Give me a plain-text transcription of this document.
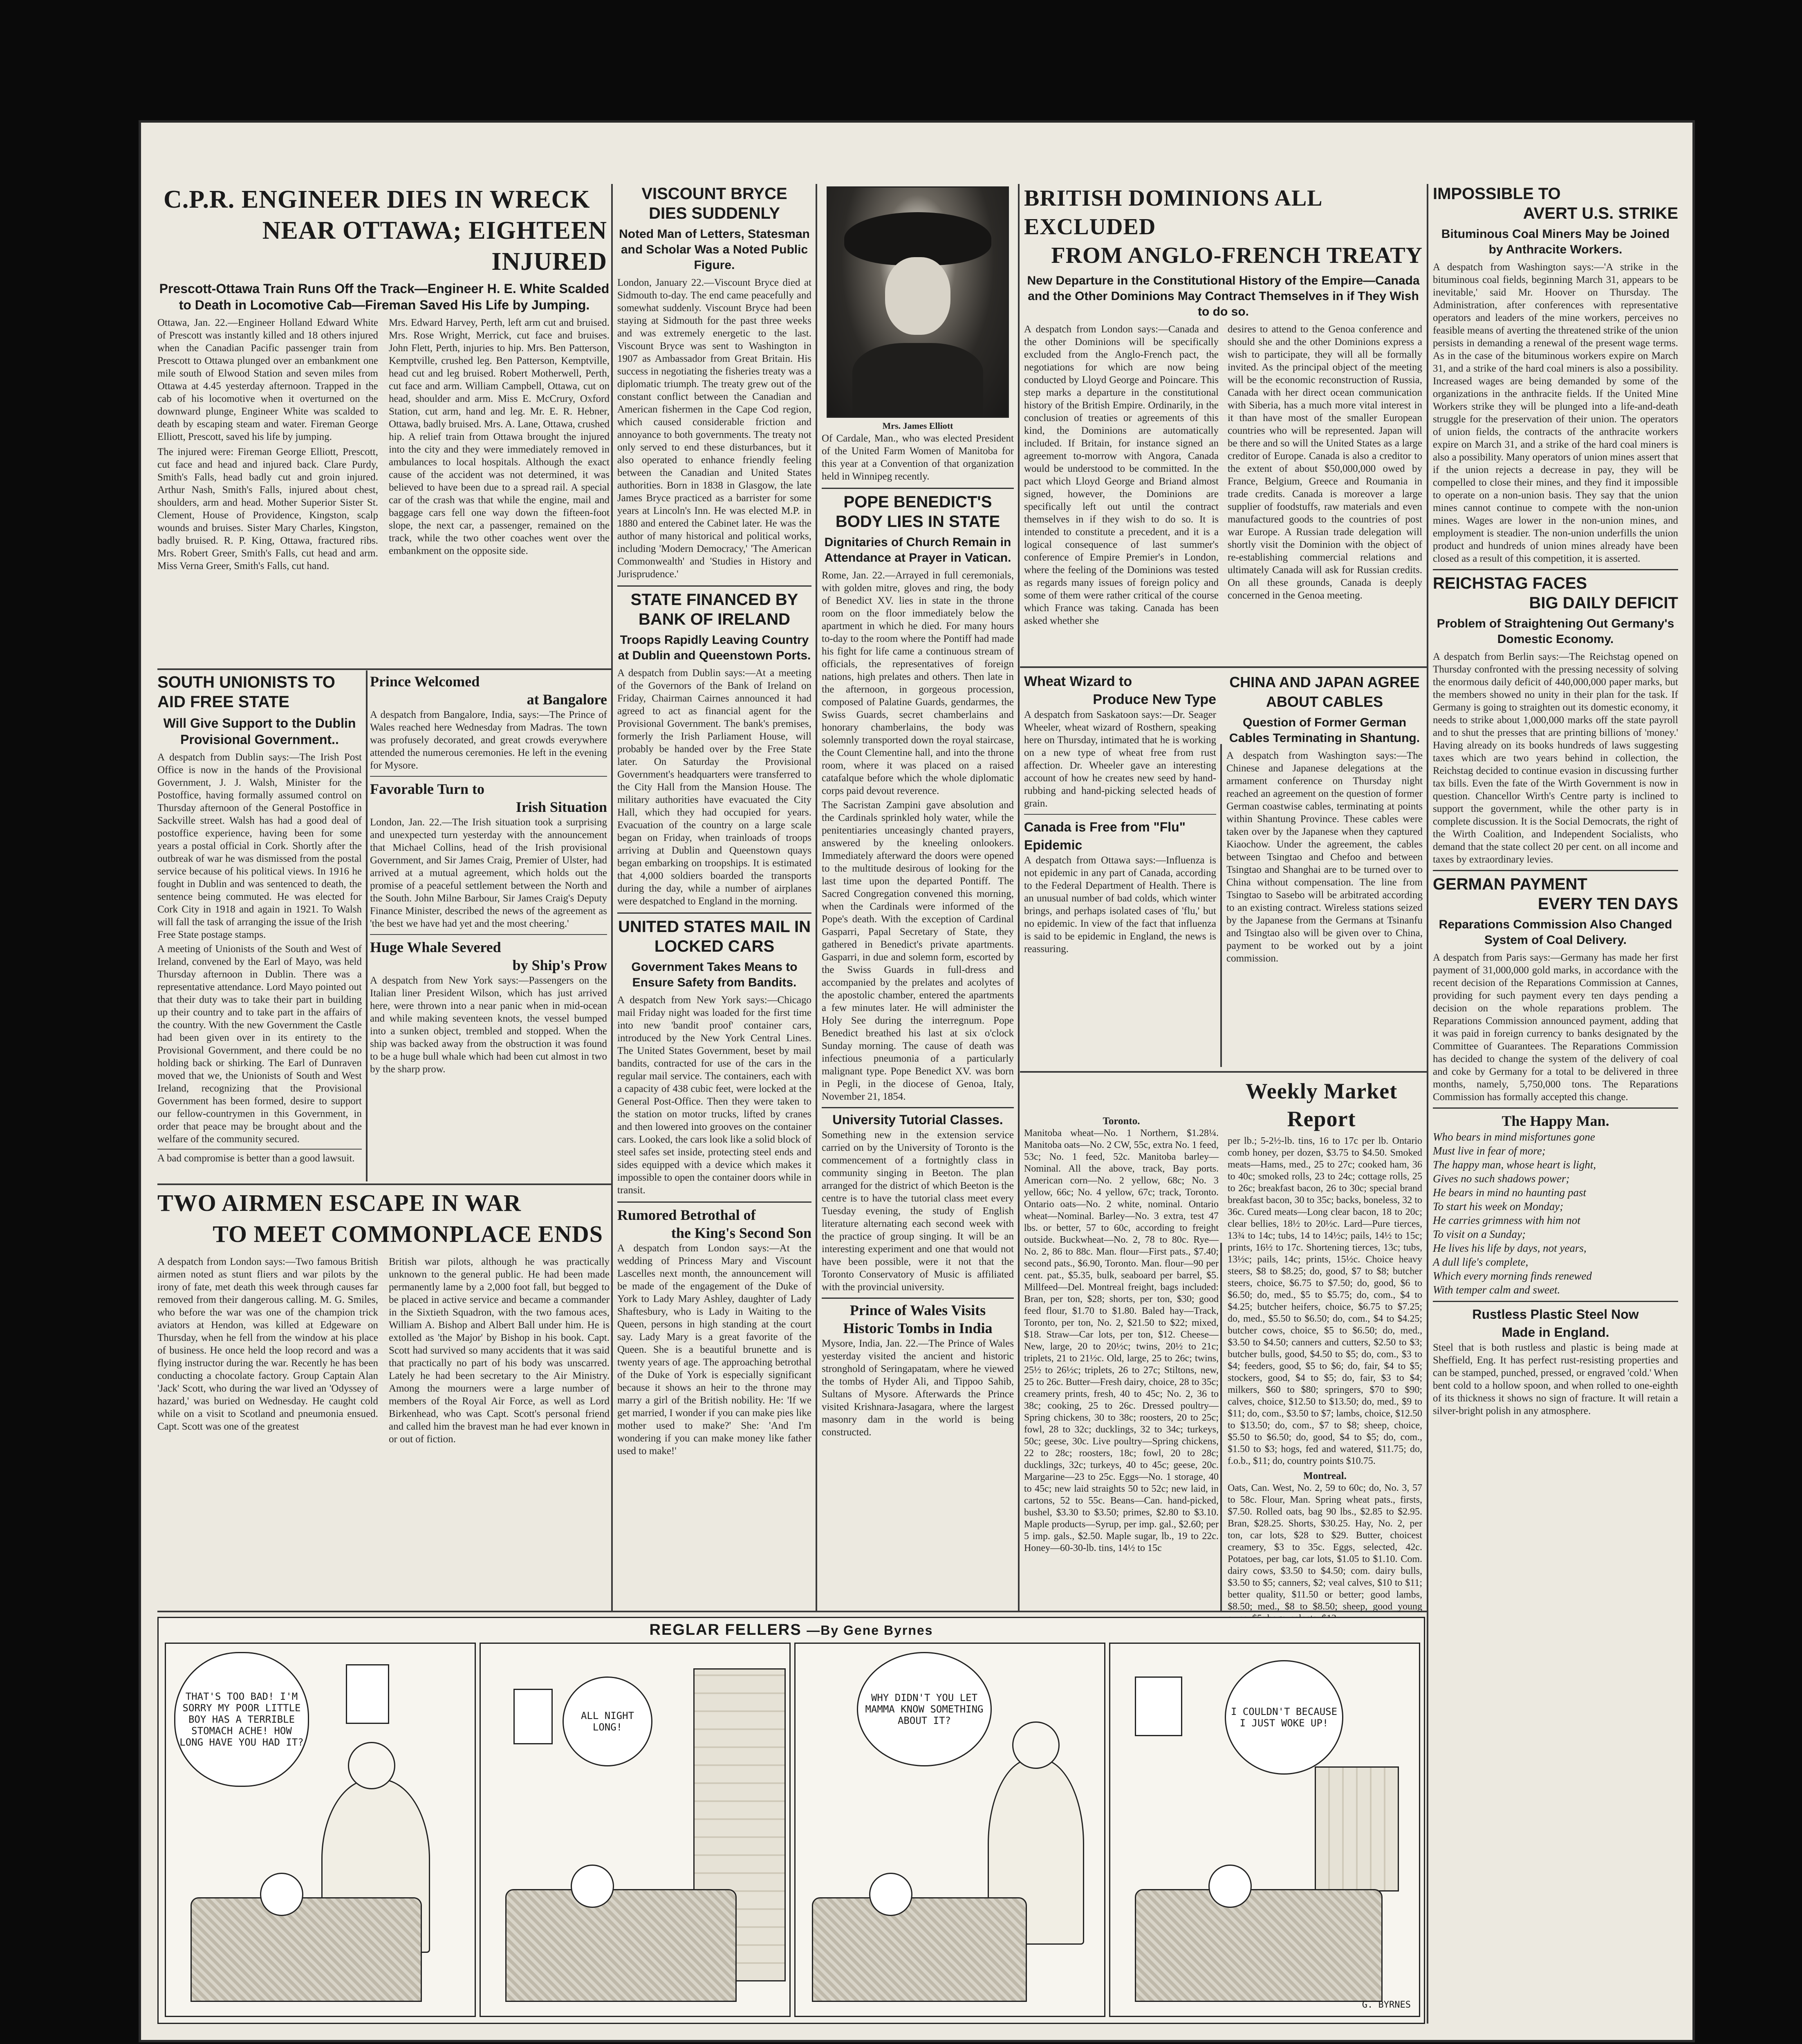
C.P.R. ENGINEER DIES IN WRECK
NEAR OTTAWA; EIGHTEEN INJURED

Prescott-Ottawa Train Runs Off the Track—Engineer H. E. White Scalded to Death in Locomotive Cab—Fireman Saved His Life by Jumping.

Ottawa, Jan. 22.—Engineer Holland Edward White of Prescott was instantly killed and 18 others injured when the Canadian Pacific passenger train from Prescott to Ottawa plunged over an embankment one mile south of Elwood Station and seven miles from Ottawa at 4.45 yesterday afternoon. Trapped in the cab of his locomotive when it overturned on the downward plunge, Engineer White was scalded to death by escaping steam and water. Fireman George Elliott, Prescott, saved his life by jumping.

The injured were: Fireman George Elliott, Prescott, cut face and head and injured back. Clare Purdy, Smith's Falls, head badly cut and groin injured. Arthur Nash, Smith's Falls, injured about chest, shoulders, arm and head. Mother Superior Sister St. Clement, House of Providence, Kingston, scalp wounds and bruises. Sister Mary Charles, Kingston, badly bruised. R. P. King, Ottawa, fractured ribs. Mrs. Robert Greer, Smith's Falls, cut head and arm. Miss Verna Greer, Smith's Falls, cut hand.

Mrs. Edward Harvey, Perth, left arm cut and bruised. Mrs. Rose Wright, Merrick, cut face and bruises. John Flett, Perth, injuries to hip. Mrs. Ben Patterson, Kemptville, crushed leg. Ben Patterson, Kemptville, head cut and leg bruised. Robert Motherwell, Perth, cut face and arm. William Campbell, Ottawa, cut on head, shoulder and arm. Miss E. McCrury, Oxford Station, cut arm, hand and leg. Mr. E. R. Hebner, Ottawa, badly bruised. Mrs. A. Lane, Ottawa, crushed hip. A relief train from Ottawa brought the injured into the city and they were immediately removed in ambulances to local hospitals. Although the exact cause of the accident was not determined, it was believed to have been due to a spread rail. A special car of the crash was that while the engine, mail and baggage cars fell one way down the fifteen-foot slope, the next car, a passenger, remained on the track, while the two other coaches went over the embankment on the opposite side.

SOUTH UNIONISTS TO AID FREE STATE

Will Give Support to the Dublin Provisional Government..

A despatch from Dublin says:—The Irish Post Office is now in the hands of the Provisional Government, J. J. Walsh, Minister for the Postoffice, having formally assumed control on Thursday afternoon of the General Postoffice in Sackville street. Walsh has had a good deal of postoffice experience, having been for some years a postal official in Cork. Shortly after the outbreak of war he was dismissed from the postal service because of his political views. In 1916 he fought in Dublin and was sentenced to death, the sentence being commuted. He was elected for Cork City in 1918 and again in 1921. To Walsh will fall the task of arranging the issue of the Irish Free State postage stamps.

A meeting of Unionists of the South and West of Ireland, convened by the Earl of Mayo, was held Thursday afternoon in Dublin. There was a representative attendance. Lord Mayo pointed out that their duty was to take their part in building up their country and to take part in the affairs of the country. With the new Government the Castle had been given over in its entirety to the Provisional Government, and there could be no holding back or shirking. The Earl of Dunraven moved that we, the Unionists of South and West Ireland, recognizing that the Provisional Government has been formed, desire to support our fellow-countrymen in this Government, in order that peace may be brought about and the welfare of the community secured.

A bad compromise is better than a good lawsuit.

Prince Welcomed
at Bangalore

A despatch from Bangalore, India, says:—The Prince of Wales reached here Wednesday from Madras. The town was profusely decorated, and great crowds everywhere attended the numerous ceremonies. He left in the evening for Mysore.

Favorable Turn to
Irish Situation

London, Jan. 22.—The Irish situation took a surprising and unexpected turn yesterday with the announcement that Michael Collins, head of the Irish provisional Government, and Sir James Craig, Premier of Ulster, had arrived at a mutual agreement, which holds out the promise of a peaceful settlement between the North and the South. John Milne Barbour, Sir James Craig's Deputy Finance Minister, described the news of the agreement as 'the best we have had yet and the most cheering.'

Huge Whale Severed
by Ship's Prow

A despatch from New York says:—Passengers on the Italian liner President Wilson, which has just arrived here, were thrown into a near panic when in mid-ocean and while making seventeen knots, the vessel bumped into a sunken object, trembled and stopped. When the ship was backed away from the obstruction it was found to be a huge bull whale which had been cut almost in two by the sharp prow.

TWO AIRMEN ESCAPE IN WAR
TO MEET COMMONPLACE ENDS

A despatch from London says:—Two famous British airmen noted as stunt fliers and war pilots by the irony of fate, met death this week through causes far removed from their dangerous calling. M. G. Smiles, who before the war was one of the champion trick aviators at Hendon, was killed at Edgeware on Thursday, when he fell from the window at his place of business. He once held the loop record and was a flying instructor during the war. Recently he has been conducting a chocolate factory. Group Captain Alan 'Jack' Scott, who during the war lived an 'Odyssey of hazard,' was buried on Wednesday. He caught cold while on a visit to Scotland and pneumonia ensued. Capt. Scott was one of the greatest

British war pilots, although he was practically unknown to the general public. He had been made permanently lame by a 2,000 foot fall, but begged to be placed in active service and became a commander in the Sixtieth Squadron, with the two famous aces, William A. Bishop and Albert Ball under him. He is extolled as 'the Major' by Bishop in his book. Capt. Scott had survived so many accidents that it was said that practically no part of his body was unscarred. Lately he had been secretary to the Air Ministry. Among the mourners were a large number of members of the Royal Air Force, as well as Lord Birkenhead, who was Capt. Scott's personal friend and called him the bravest man he had ever known in or out of fiction.

VISCOUNT BRYCE
DIES SUDDENLY

Noted Man of Letters, Statesman and Scholar Was a Noted Public Figure.

London, January 22.—Viscount Bryce died at Sidmouth to-day. The end came peacefully and somewhat suddenly. Viscount Bryce had been staying at Sidmouth for the past three weeks and was extremely energetic to the last. Viscount Bryce was sent to Washington in 1907 as Ambassador from Great Britain. His success in negotiating the fisheries treaty was a diplomatic triumph. The treaty grew out of the constant conflict between the Canadian and American fishermen in the Cape Cod region, which caused considerable friction and annoyance to both governments. The treaty not only served to end these disturbances, but it also operated to enhance friendly feeling between the Canadian and United States authorities. Born in 1838 in Glasgow, the late James Bryce practiced as a barrister for some years at Lincoln's Inn. He was elected M.P. in 1880 and entered the Cabinet later. He was the author of many historical and political works, including 'Modern Democracy,' 'The American Commonwealth' and 'Studies in History and Jurisprudence.'

STATE FINANCED BY BANK OF IRELAND

Troops Rapidly Leaving Country at Dublin and Queenstown Ports.

A despatch from Dublin says:—At a meeting of the Governors of the Bank of Ireland on Friday, Chairman Cairnes announced it had agreed to act as financial agent for the Provisional Government. The bank's premises, formerly the Irish Parliament House, will probably be handed over by the Free State later. On Saturday the Provisional Government's headquarters were transferred to the City Hall from the Mansion House. The military authorities have evacuated the City Hall, which they had occupied for years. Evacuation of the country on a large scale began on Friday, when trainloads of troops arriving at Dublin and Queenstown quays began embarking on troopships. It is estimated that 4,000 soldiers boarded the transports during the day, while a number of airplanes were despatched to England in the morning.

UNITED STATES MAIL IN LOCKED CARS

Government Takes Means to Ensure Safety from Bandits.

A despatch from New York says:—Chicago mail Friday night was loaded for the first time into new 'bandit proof' container cars, introduced by the New York Central Lines. The United States Government, beset by mail bandits, contracted for use of the cars in the regular mail service. The containers, each with a capacity of 438 cubic feet, were locked at the General Post-Office. Then they were taken to the station on motor trucks, lifted by cranes and then lowered into grooves on the container cars. Looked, the cars look like a solid block of steel safes set inside, protecting steel ends and sides equipped with a device which makes it impossible to open the container doors while in transit.

Rumored Betrothal of
the King's Second Son

A despatch from London says:—At the wedding of Princess Mary and Viscount Lascelles next month, the announcement will be made of the engagement of the Duke of York to Lady Mary Ashley, daughter of Lady Shaftesbury, who is Lady in Waiting to the Queen, persons in high standing at the court say. Lady Mary is a great favorite of the Queen. She is a beautiful brunette and is twenty years of age. The approaching betrothal of the Duke of York is especially significant because it shows an heir to the throne may marry a girl of the British nobility. He: 'If we get married, I wonder if you can make pies like mother used to make?' She: 'And I'm wondering if you can make money like father used to make!'

Mrs. James Elliott

Of Cardale, Man., who was elected President of the United Farm Women of Manitoba for this year at a Convention of that organization held in Winnipeg recently.

POPE BENEDICT'S BODY LIES IN STATE

Dignitaries of Church Remain in Attendance at Prayer in Vatican.

Rome, Jan. 22.—Arrayed in full ceremonials, with golden mitre, gloves and ring, the body of Benedict XV. lies in state in the throne room on the floor immediately below the apartment in which he died. For many hours to-day to the room where the Pontiff had made his fight for life came a continuous stream of officials, the representatives of foreign nations, high prelates and others. Then late in the afternoon, in gorgeous procession, composed of Palatine Guards, gendarmes, the Swiss Guards, secret chamberlains and honorary chamberlains, the body was solemnly transported down the royal staircase, the Count Clementine hall, and into the throne room, where it was placed on a raised catafalque before which the whole diplomatic corps paid devout reverence.

The Sacristan Zampini gave absolution and the Cardinals sprinkled holy water, while the penitentiaries unceasingly chanted prayers, answered by the kneeling onlookers. Immediately afterward the doors were opened to the multitude desirous of looking for the last time upon the departed Pontiff. The Sacred Congregation convened this morning, when the Cardinals were informed of the Pope's death. With the exception of Cardinal Gasparri, Papal Secretary of State, they gathered in Benedict's private apartments. Gasparri, in due and solemn form, escorted by the Swiss Guards in full-dress and accompanied by the prelates and acolytes of the apostolic chamber, entered the apartments a few minutes later. He will administer the Holy See during the interregnum. Pope Benedict breathed his last at six o'clock Sunday morning. The cause of death was infectious pneumonia of a particularly malignant type. Pope Benedict XV. was born in Pegli, in the diocese of Genoa, Italy, November 21, 1854.

University Tutorial Classes.

Something new in the extension service carried on by the University of Toronto is the commencement of a fortnightly class in community singing in Beeton. The plan arranged for the district of which Beeton is the centre is to have the tutorial class meet every Tuesday evening, the study of English literature alternating each second week with the practice of group singing. It will be an interesting experiment and one that would not have been possible, were it not that the Toronto Conservatory of Music is affiliated with the provincial university.

Prince of Wales Visits
Historic Tombs in India

Mysore, India, Jan. 22.—The Prince of Wales yesterday visited the ancient and historic stronghold of Seringapatam, where he viewed the tombs of Hyder Ali, and Tippoo Sahib, Sultans of Mysore. Afterwards the Prince visited Krishnara-Jasagara, where the largest masonry dam in the world is being constructed.

BRITISH DOMINIONS ALL EXCLUDED
FROM ANGLO-FRENCH TREATY

New Departure in the Constitutional History of the Empire—Canada and the Other Dominions May Contract Themselves in if They Wish to do so.

A despatch from London says:—Canada and the other Dominions will be specifically excluded from the Anglo-French pact, the negotiations for which are now being conducted by Lloyd George and Poincare. This step marks a departure in the constitutional history of the British Empire. Ordinarily, in the conclusion of treaties or agreements of this kind, the Dominions are automatically included. If Britain, for instance signed an agreement to-morrow with Angora, Canada would be understood to be committed. In the pact which Lloyd George and Briand almost signed, however, the Dominions are specifically left out until the contract themselves in if they wish to do so. It is intended to constitute a precedent, and it is a logical consequence of last summer's conference of Empire Premier's in London, where the feeling of the Dominions was tested as regards many issues of foreign policy and some of them were rather critical of the course which France was taking. Canada has been asked whether she

desires to attend to the Genoa conference and should she and the other Dominions express a wish to participate, they will all be formally invited. As the principal object of the meeting will be the economic reconstruction of Russia, Canada with her direct ocean communication with Siberia, has a much more vital interest in it than have most of the smaller European countries who will be represented. Japan will be there and so will the United States as a large creditor of Europe. Canada is also a creditor to the extent of about $50,000,000 owed by France, Belgium, Greece and Roumania in trade credits. Canada is moreover a large supplier of foodstuffs, raw materials and even manufactured goods to the countries of post war Europe. A Russian trade delegation will shortly visit the Dominion with the object of re-establishing commercial relations and ultimately Canada will ask for Russian credits. On all these grounds, Canada is deeply concerned in the Genoa meeting.

Wheat Wizard to
Produce New Type

A despatch from Saskatoon says:—Dr. Seager Wheeler, wheat wizard of Rosthern, speaking here on Thursday, intimated that he is working on a new type of wheat free from rust affection. Dr. Wheeler gave an interesting account of how he creates new seed by hand-rubbing and hand-picking selected heads of grain.

Canada is Free from "Flu" Epidemic

A despatch from Ottawa says:—Influenza is not epidemic in any part of Canada, according to the Federal Department of Health. There is an unusual number of bad colds, which winter brings, and perhaps isolated cases of 'flu,' but no epidemic. In view of the fact that influenza is said to be epidemic in England, the news is reassuring.

CHINA AND JAPAN AGREE ABOUT CABLES

Question of Former German Cables Terminating in Shantung.

A despatch from Washington says:—The Chinese and Japanese delegations at the armament conference on Thursday night reached an agreement on the question of former German coastwise cables, terminating at points within Shantung Province. These cables were taken over by the Japanese when they captured Kiaochow. Under the agreement, the cables between Tsingtao and Chefoo and between Tsingtao and Shanghai are to be turned over to China without compensation. The line from Tsingtao to Sasebo will be arbitrated according to an existing contract. Wireless stations seized by the Japanese from the Germans at Tsinanfu and Tsingtao also will be given over to China, payment to be worked out by a joint commission.

Weekly Market Report

Toronto.

Manitoba wheat—No. 1 Northern, $1.28¼. Manitoba oats—No. 2 CW, 55c, extra No. 1 feed, 53c; No. 1 feed, 52c. Manitoba barley—Nominal. All the above, track, Bay ports. American corn—No. 2 yellow, 68c; No. 3 yellow, 66c; No. 4 yellow, 67c; track, Toronto. Ontario oats—No. 2 white, nominal. Ontario wheat—Nominal. Barley—No. 3 extra, test 47 lbs. or better, 57 to 60c, according to freight outside. Buckwheat—No. 2, 78 to 80c. Rye—No. 2, 86 to 88c. Man. flour—First pats., $7.40; second pats., $6.90, Toronto. Man. flour—90 per cent. pat., $5.35, bulk, seaboard per barrel, $5. Millfeed—Del. Montreal freight, bags included: Bran, per ton, $28; shorts, per ton, $30; good feed flour, $1.70 to $1.80. Baled hay—Track, Toronto, per ton, No. 2, $21.50 to $22; mixed, $18. Straw—Car lots, per ton, $12. Cheese—New, large, 20 to 20½c; twins, 20½ to 21c; triplets, 21 to 21½c. Old, large, 25 to 26c; twins, 25½ to 26½c; triplets, 26 to 27c; Stiltons, new, 25 to 26c. Butter—Fresh dairy, choice, 28 to 35c; creamery prints, fresh, 40 to 45c; No. 2, 36 to 38c; cooking, 25 to 26c. Dressed poultry—Spring chickens, 30 to 38c; roosters, 20 to 25c; fowl, 28 to 32c; ducklings, 32 to 34c; turkeys, 50c; geese, 30c. Live poultry—Spring chickens, 22 to 28c; roosters, 18c; fowl, 20 to 28c; ducklings, 32c; turkeys, 40 to 45c; geese, 20c. Margarine—23 to 25c. Eggs—No. 1 storage, 40 to 45c; new laid straights 50 to 52c; new laid, in cartons, 52 to 55c. Beans—Can. hand-picked, bushel, $3.30 to $3.50; primes, $2.80 to $3.10. Maple products—Syrup, per imp. gal., $2.60; per 5 imp. gals., $2.50. Maple sugar, lb., 19 to 22c. Honey—60-30-lb. tins, 14½ to 15c

per lb.; 5-2½-lb. tins, 16 to 17c per lb. Ontario comb honey, per dozen, $3.75 to $4.50. Smoked meats—Hams, med., 25 to 27c; cooked ham, 36 to 40c; smoked rolls, 23 to 24c; cottage rolls, 25 to 26c; breakfast bacon, 26 to 30c; special brand breakfast bacon, 30 to 35c; backs, boneless, 32 to 36c. Cured meats—Long clear bacon, 18 to 20c; clear bellies, 18½ to 20½c. Lard—Pure tierces, 13¾ to 14c; tubs, 14 to 14½c; pails, 14½ to 15c; prints, 16½ to 17c. Shortening tierces, 13c; tubs, 13½c; pails, 14c; prints, 15½c. Choice heavy steers, $8 to $8.25; do, good, $7 to $8; butcher steers, choice, $6.75 to $7.50; do, good, $6 to $6.50; do, med., $5 to $5.75; do, com., $4 to $4.25; butcher heifers, choice, $6.75 to $7.25; do, med., $5.50 to $6.50; do, com., $4 to $4.25; butcher cows, choice, $5 to $6.50; do, med., $3.50 to $4.50; canners and cutters, $2.50 to $3; butcher bulls, good, $4.50 to $5; do, com., $3 to $4; feeders, good, $5 to $6; do, fair, $4 to $5; stockers, good, $4 to $5; do, fair, $3 to $4; milkers, $60 to $80; springers, $70 to $90; calves, choice, $12.50 to $13.50; do, med., $9 to $11; do, com., $3.50 to $7; lambs, choice, $12.50 to $13.50; do, com., $7 to $8; sheep, choice, $5.50 to $6.50; do, good, $4 to $5; do, com., $1.50 to $3; hogs, fed and watered, $11.75; do, f.o.b., $11; do, country points $10.75.

Montreal.

Oats, Can. West, No. 2, 59 to 60c; do, No. 3, 57 to 58c. Flour, Man. Spring wheat pats., firsts, $7.50. Rolled oats, bag 90 lbs., $2.85 to $2.95. Bran, $28.25. Shorts, $30.25. Hay, No. 2, per ton, car lots, $28 to $29. Butter, choicest creamery, $3 to 35c. Eggs, selected, 42c. Potatoes, per bag, car lots, $1.05 to $1.10. Com. dairy cows, $3.50 to $4.50; com. dairy bulls, $3.50 to $5; canners, $2; veal calves, $10 to $11; better quality, $11.50 or better; good lambs, $8.50; med., $8 to $8.50; sheep, good young

IMPOSSIBLE TO
AVERT U.S. STRIKE

Bituminous Coal Miners May be Joined by Anthracite Workers.

A despatch from Washington says:—'A strike in the bituminous coal fields, beginning March 31, appears to be inevitable,' said Mr. Hoover on Thursday. The Administration, after conferences with representative operators and leaders of the mine workers, perceives no feasible means of averting the threatened strike of the union persists in demanding a renewal of the present wage terms. As in the case of the bituminous workers expire on March 31, and a strike of the hard coal miners is also a possibility. Increased wages are being demanded by some of the organizations in the anthracite fields. If the United Mine Workers strike they will be plunged into a life-and-death struggle for the preservation of their union. The operators of union fields, the contracts of the anthracite workers expire on March 31, and a strike of the hard coal miners is also a possibility. Many operators of union mines assert that if the union rejects a decrease in pay, they will be compelled to close their mines, and they find it impossible to operate on a non-union basis. They say that the union mines cannot continue to compete with the non-union mines. Wages are lower in the non-union mines, and employment is steadier. The non-union underfills the union product and hundreds of union mines already have been closed as a result of this competition, it is asserted.

REICHSTAG FACES
BIG DAILY DEFICIT

Problem of Straightening Out Germany's Domestic Economy.

A despatch from Berlin says:—The Reichstag opened on Thursday confronted with the pressing necessity of solving the enormous daily deficit of 440,000,000 paper marks, but the members showed no unity in their plan for the task. If Germany is going to straighten out its domestic economy, it needs to strike about 1,000,000 marks off the state payroll and to shut the presses that are printing billions of 'money.' Having already on its books hundreds of laws suggesting taxes which are two years behind in collection, the Reichstag decided to continue evasion in discussing further tax bills. Even the fate of the Wirth Government is now in question. Chancellor Wirth's Centre party is inclined to support the government, while the other party is in complete discussion. It is the Social Democrats, the right of the Wirth Coalition, and Independent Socialists, who demand that the state collect 20 per cent. on all income and taxes by extraordinary levies.

GERMAN PAYMENT
EVERY TEN DAYS

Reparations Commission Also Changed System of Coal Delivery.

A despatch from Paris says:—Germany has made her first payment of 31,000,000 gold marks, in accordance with the recent decision of the Reparations Commission at Cannes, providing for such payment every ten days pending a decision on the whole reparations problem. The Reparations Commission announced payment, adding that it was paid in foreign currency to banks designated by the Committee of Guarantees. The Reparations Commission has decided to change the system of the delivery of coal and coke by Germany for a total to be delivered in three months, namely, 5,750,000 tons. The Reparations Commission has formally accepted this change.

The Happy Man.

Who bears in mind misfortunes gone

Must live in fear of more;

The happy man, whose heart is light,

Gives no such shadows power;

He bears in mind no haunting past

To start his week on Monday;

He carries grimness with him not

To visit on a Sunday;

He lives his life by days, not years,

A dull life's complete,

Which every morning finds renewed

With temper calm and sweet.

Rustless Plastic Steel Now
Made in England.

Steel that is both rustless and plastic is being made at Sheffield, Eng. It has perfect rust-resisting properties and can be stamped, punched, pressed, or engraved 'cold.' When bent cold to a hollow spoon, and when rolled to one-eighth of its thickness it shows no sign of fracture. It will retain a silver-bright polish in any atmosphere.

REGLAR FELLERS —By Gene Byrnes
THAT'S TOO BAD! I'M SORRY MY POOR LITTLE BOY HAS A TERRIBLE STOMACH ACHE! HOW LONG HAVE YOU HAD IT?
ALL NIGHT LONG!
WHY DIDN'T YOU LET MAMMA KNOW SOMETHING ABOUT IT?
I COULDN'T BECAUSE I JUST WOKE UP!
G. BYRNES
